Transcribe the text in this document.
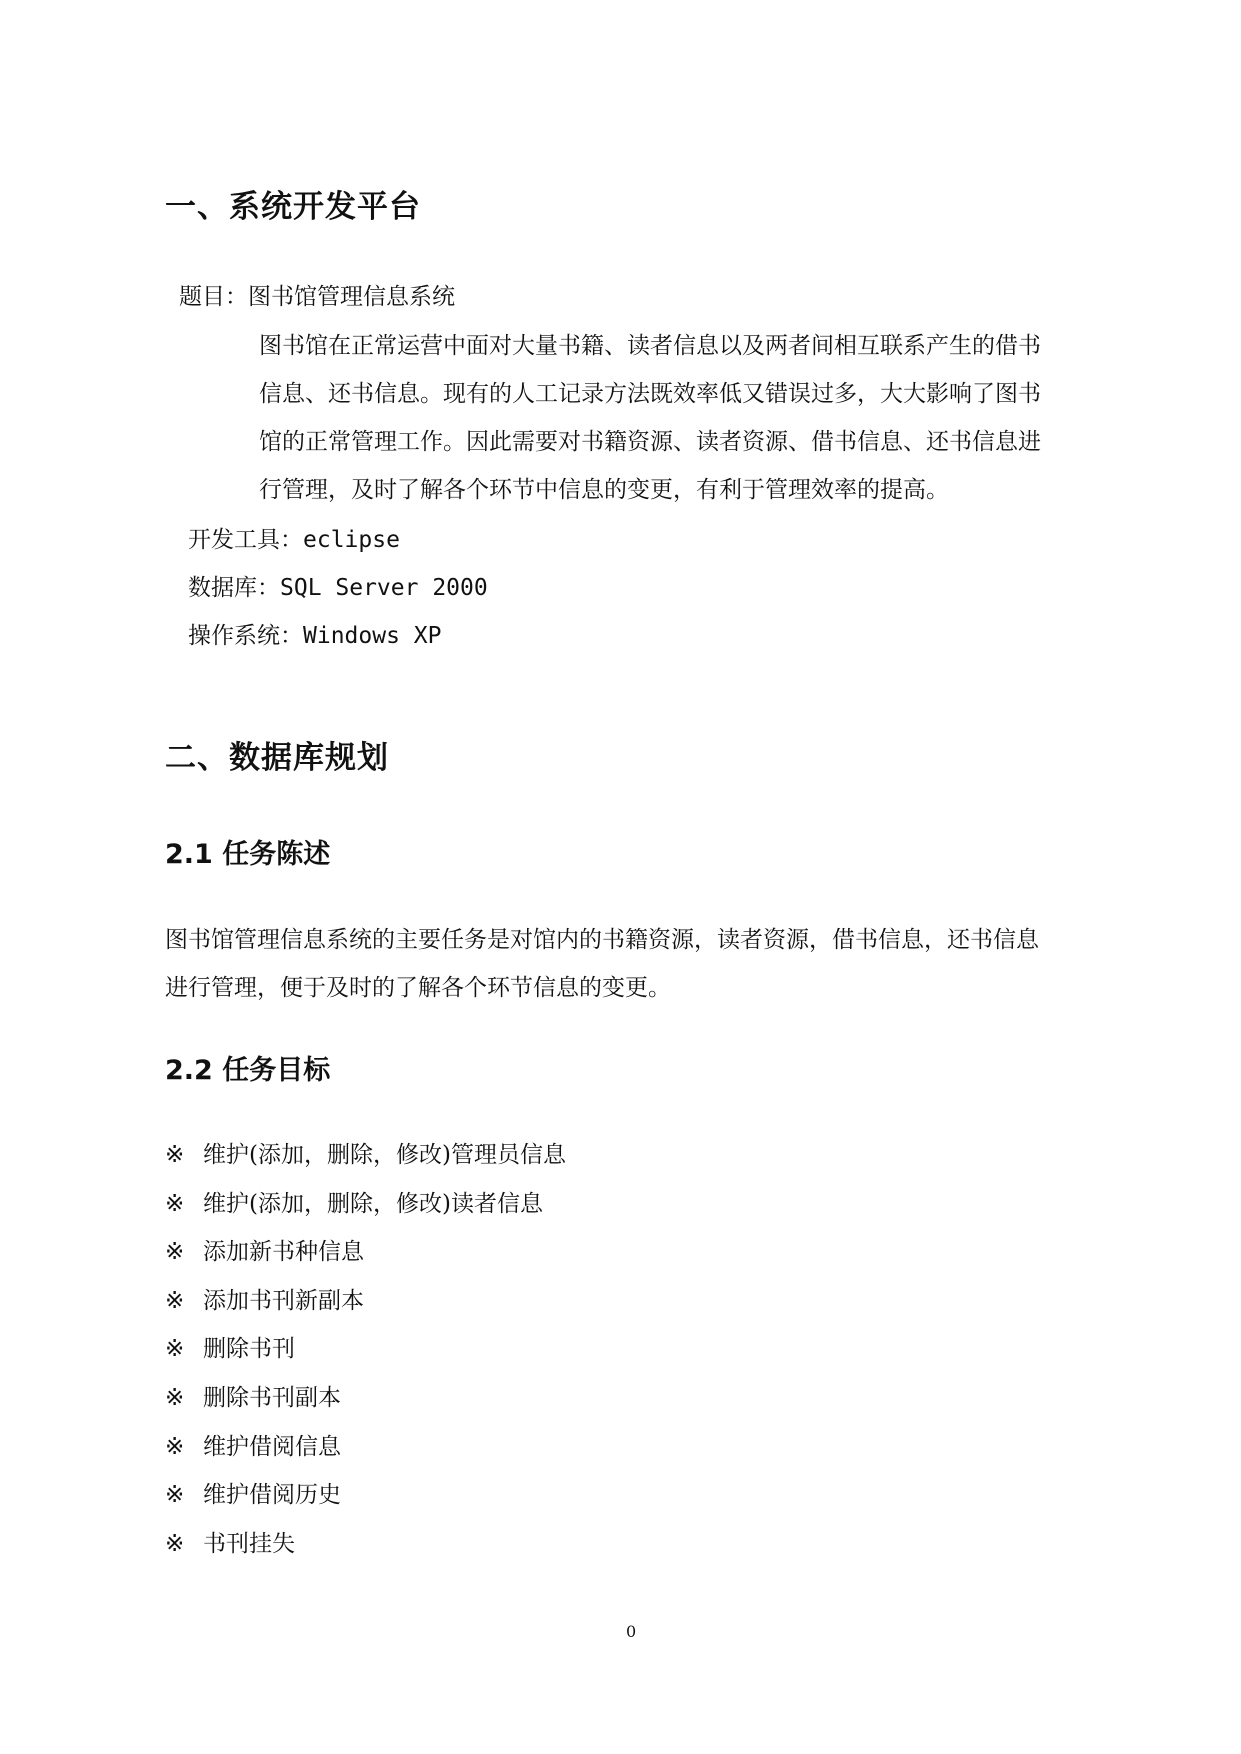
一、系统开发平台
题目：图书馆管理信息系统
图书馆在正常运营中面对大量书籍、读者信息以及两者间相互联系产生的借书
信息、还书信息。现有的人工记录方法既效率低又错误过多，大大影响了图书
馆的正常管理工作。因此需要对书籍资源、读者资源、借书信息、还书信息进
行管理，及时了解各个环节中信息的变更，有利于管理效率的提高。
开发工具：eclipse
数据库：SQL Server 2000
操作系统：Windows XP
二、数据库规划
2.1 任务陈述
图书馆管理信息系统的主要任务是对馆内的书籍资源，读者资源，借书信息，还书信息
进行管理，便于及时的了解各个环节信息的变更。
2.2 任务目标
※ 维护(添加，删除，修改)管理员信息
※ 维护(添加，删除，修改)读者信息
※ 添加新书种信息
※ 添加书刊新副本
※ 删除书刊
※ 删除书刊副本
※ 维护借阅信息
※ 维护借阅历史
※ 书刊挂失
0
